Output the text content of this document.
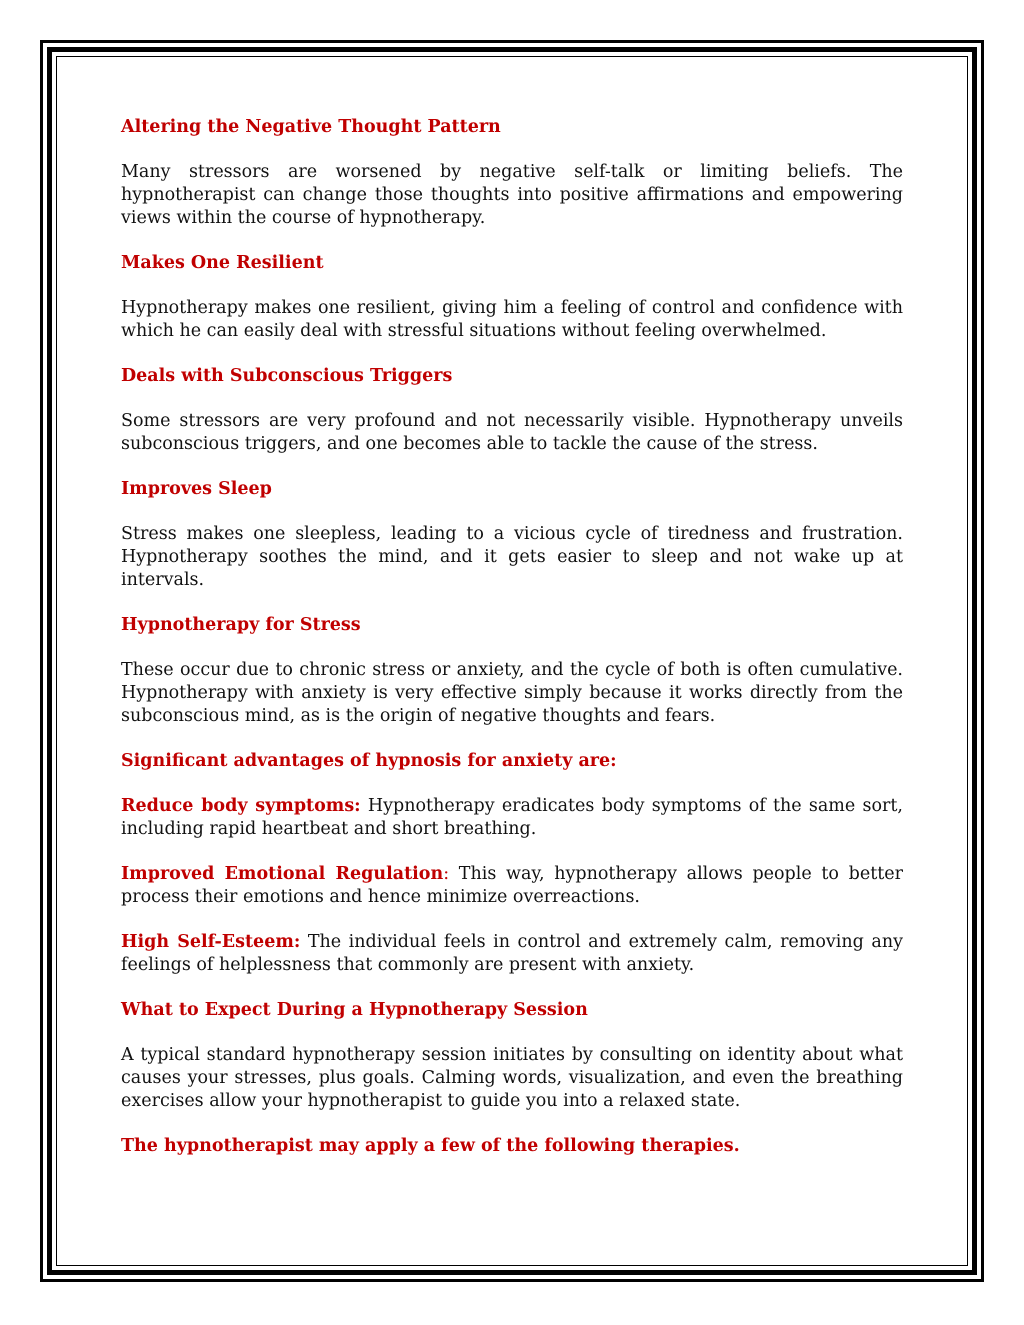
Altering the Negative Thought Pattern

Many stressors are worsened by negative self-talk or limiting beliefs. The hypnotherapist can change those thoughts into positive affirmations and empowering views within the course of hypnotherapy.

Makes One Resilient

Hypnotherapy makes one resilient, giving him a feeling of control and confidence with which he can easily deal with stressful situations without feeling overwhelmed.

Deals with Subconscious Triggers

Some stressors are very profound and not necessarily visible. Hypnotherapy unveils subconscious triggers, and one becomes able to tackle the cause of the stress.

Improves Sleep

Stress makes one sleepless, leading to a vicious cycle of tiredness and frustration. Hypnotherapy soothes the mind, and it gets easier to sleep and not wake up at intervals.

Hypnotherapy for Stress

These occur due to chronic stress or anxiety, and the cycle of both is often cumulative. Hypnotherapy with anxiety is very effective simply because it works directly from the subconscious mind, as is the origin of negative thoughts and fears.

Significant advantages of hypnosis for anxiety are:

Reduce body symptoms: Hypnotherapy eradicates body symptoms of the same sort, including rapid heartbeat and short breathing.

Improved Emotional Regulation: This way, hypnotherapy allows people to better process their emotions and hence minimize overreactions.

High Self-Esteem: The individual feels in control and extremely calm, removing any feelings of helplessness that commonly are present with anxiety.

What to Expect During a Hypnotherapy Session

A typical standard hypnotherapy session initiates by consulting on identity about what causes your stresses, plus goals. Calming words, visualization, and even the breathing exercises allow your hypnotherapist to guide you into a relaxed state.

The hypnotherapist may apply a few of the following therapies.
